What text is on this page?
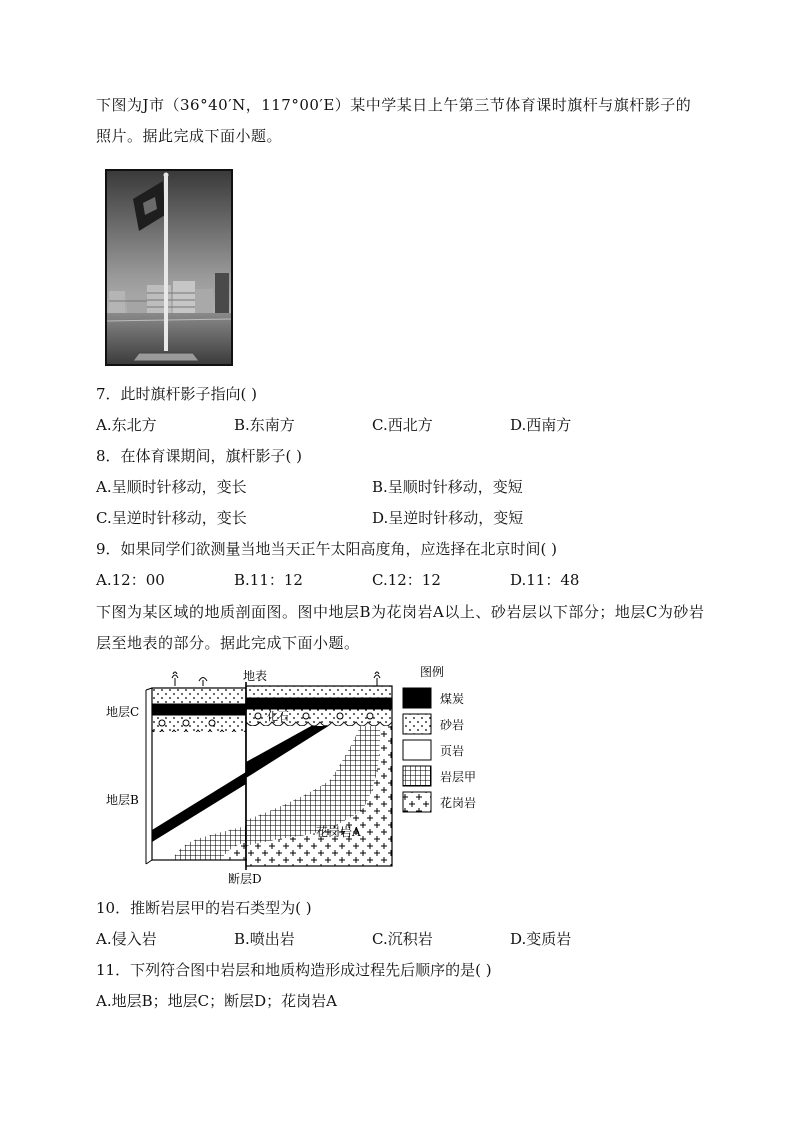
下图为J市（36°40′N，117°00′E）某中学某日上午第三节体育课时旗杆与旗杆影子的照片。据此完成下面小题。
7．此时旗杆影子指向( )
A.东北方	B.东南方	C.西北方	D.西南方
8．在体育课期间，旗杆影子( )
A.呈顺时针移动，变长	B.呈顺时针移动，变短
C.呈逆时针移动，变长	D.呈逆时针移动，变短
9．如果同学们欲测量当地当天正午太阳高度角，应选择在北京时间( )
A.12：00	B.11：12	C.12：12	D.11：48
下图为某区域的地质剖面图。图中地层B为花岗岩A以上、砂岩层以下部分；地层C为砂岩层至地表的部分。据此完成下面小题。
地表
化石
地层C
地层B
花岗岩A
断层D
图例
煤炭
砂岩
页岩
岩层甲
花岗岩
10．推断岩层甲的岩石类型为( )
A.侵入岩	B.喷出岩	C.沉积岩	D.变质岩
11．下列符合图中岩层和地质构造形成过程先后顺序的是( )
A.地层B；地层C；断层D；花岗岩A
